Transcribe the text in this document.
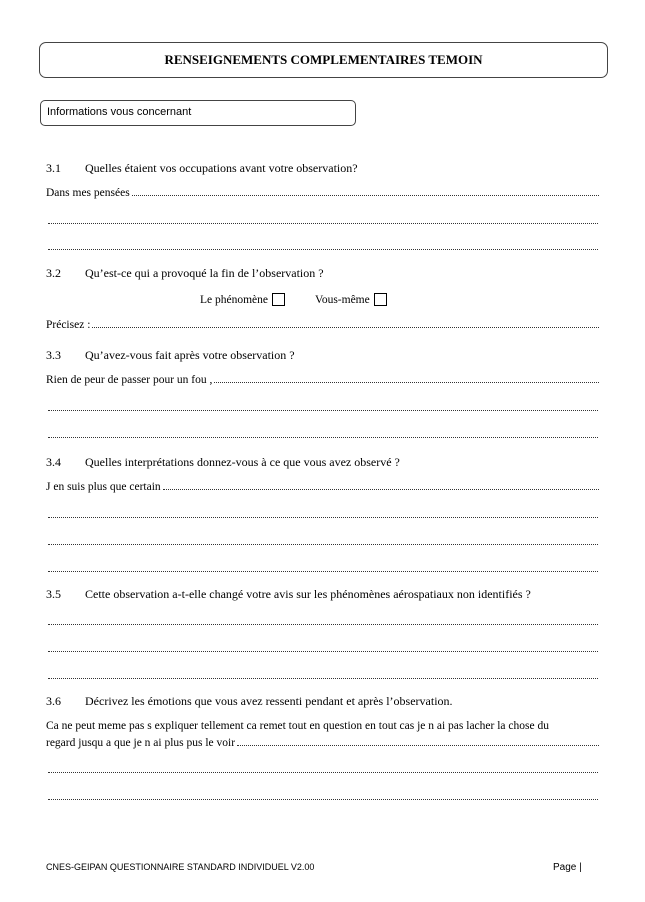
RENSEIGNEMENTS COMPLEMENTAIRES TEMOIN
Informations vous concernant
3.1 Quelles étaient vos occupations avant votre observation?
Dans mes pensées
3.2 Qu’est-ce qui a provoqué la fin de l’observation ?
Le phénomène	Vous-même
Précisez :
3.3 Qu’avez-vous fait après votre observation ?
Rien de peur de passer pour un fou ,
3.4 Quelles interprétations donnez-vous à ce que vous avez observé ?
J en suis plus que certain
3.5 Cette observation a-t-elle changé votre avis sur les phénomènes aérospatiaux non identifiés ?
3.6 Décrivez les émotions que vous avez ressenti pendant et après l’observation.
Ca ne peut meme pas s expliquer tellement ca remet tout en question en tout cas je n ai pas lacher la chose du
regard jusqu a que je n ai plus pus le voir
CNES-GEIPAN QUESTIONNAIRE STANDARD INDIVIDUEL V2.00	Page |
